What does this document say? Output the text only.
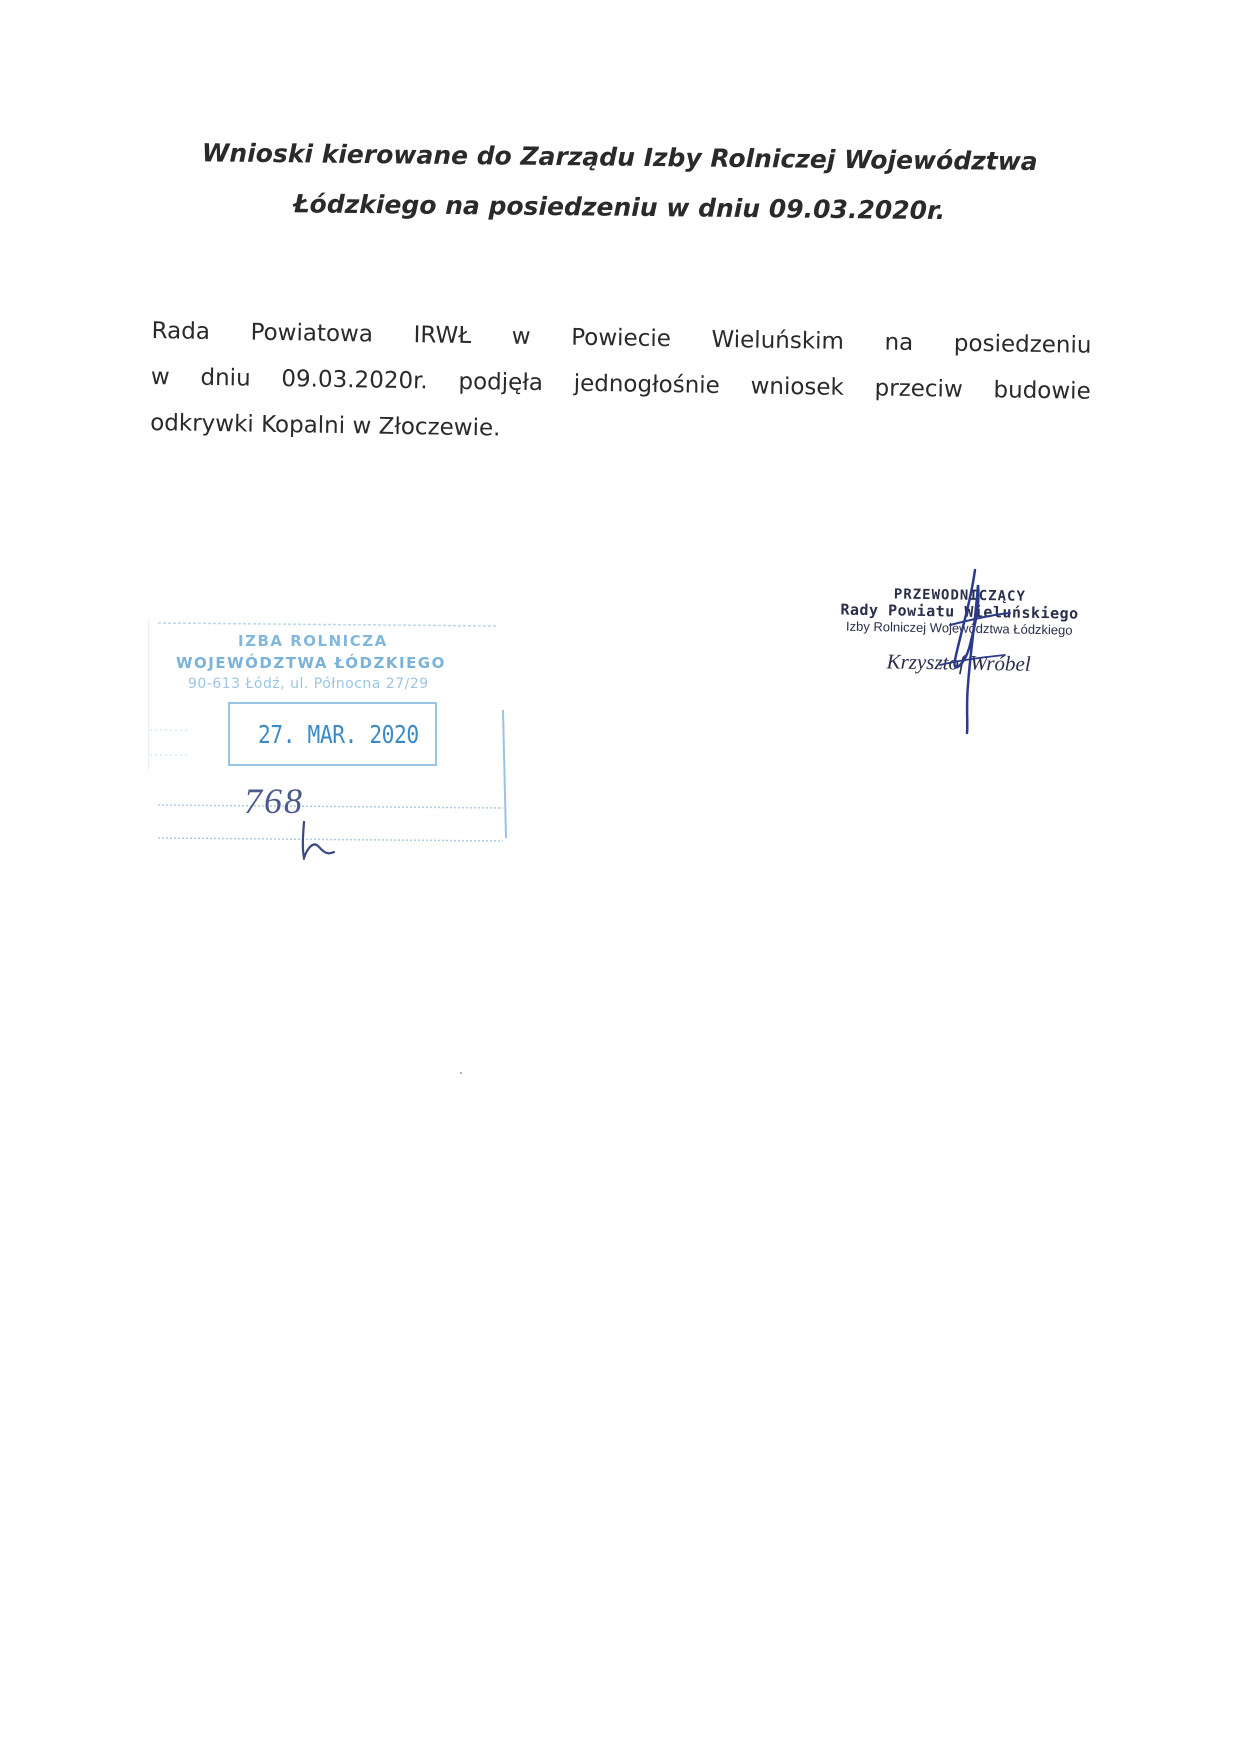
Wnioski kierowane do Zarządu Izby Rolniczej Województwa
Łódzkiego na posiedzeniu w dniu 09.03.2020r.
Rada Powiatowa IRWŁ w Powiecie Wieluńskim na posiedzeniu
w dniu 09.03.2020r. podjęła jednogłośnie wniosek przeciw budowie
odkrywki Kopalni w Złoczewie.
PRZEWODNICZĄCY
Rady Powiatu Wieluńskiego
Izby Rolniczej Województwa Łódzkiego
Krzysztof Wróbel
IZBA ROLNICZA
WOJEWÓDZTWA ŁÓDZKIEGO
90-613 Łódź, ul. Północna 27/29
27. MAR. 2020
768
